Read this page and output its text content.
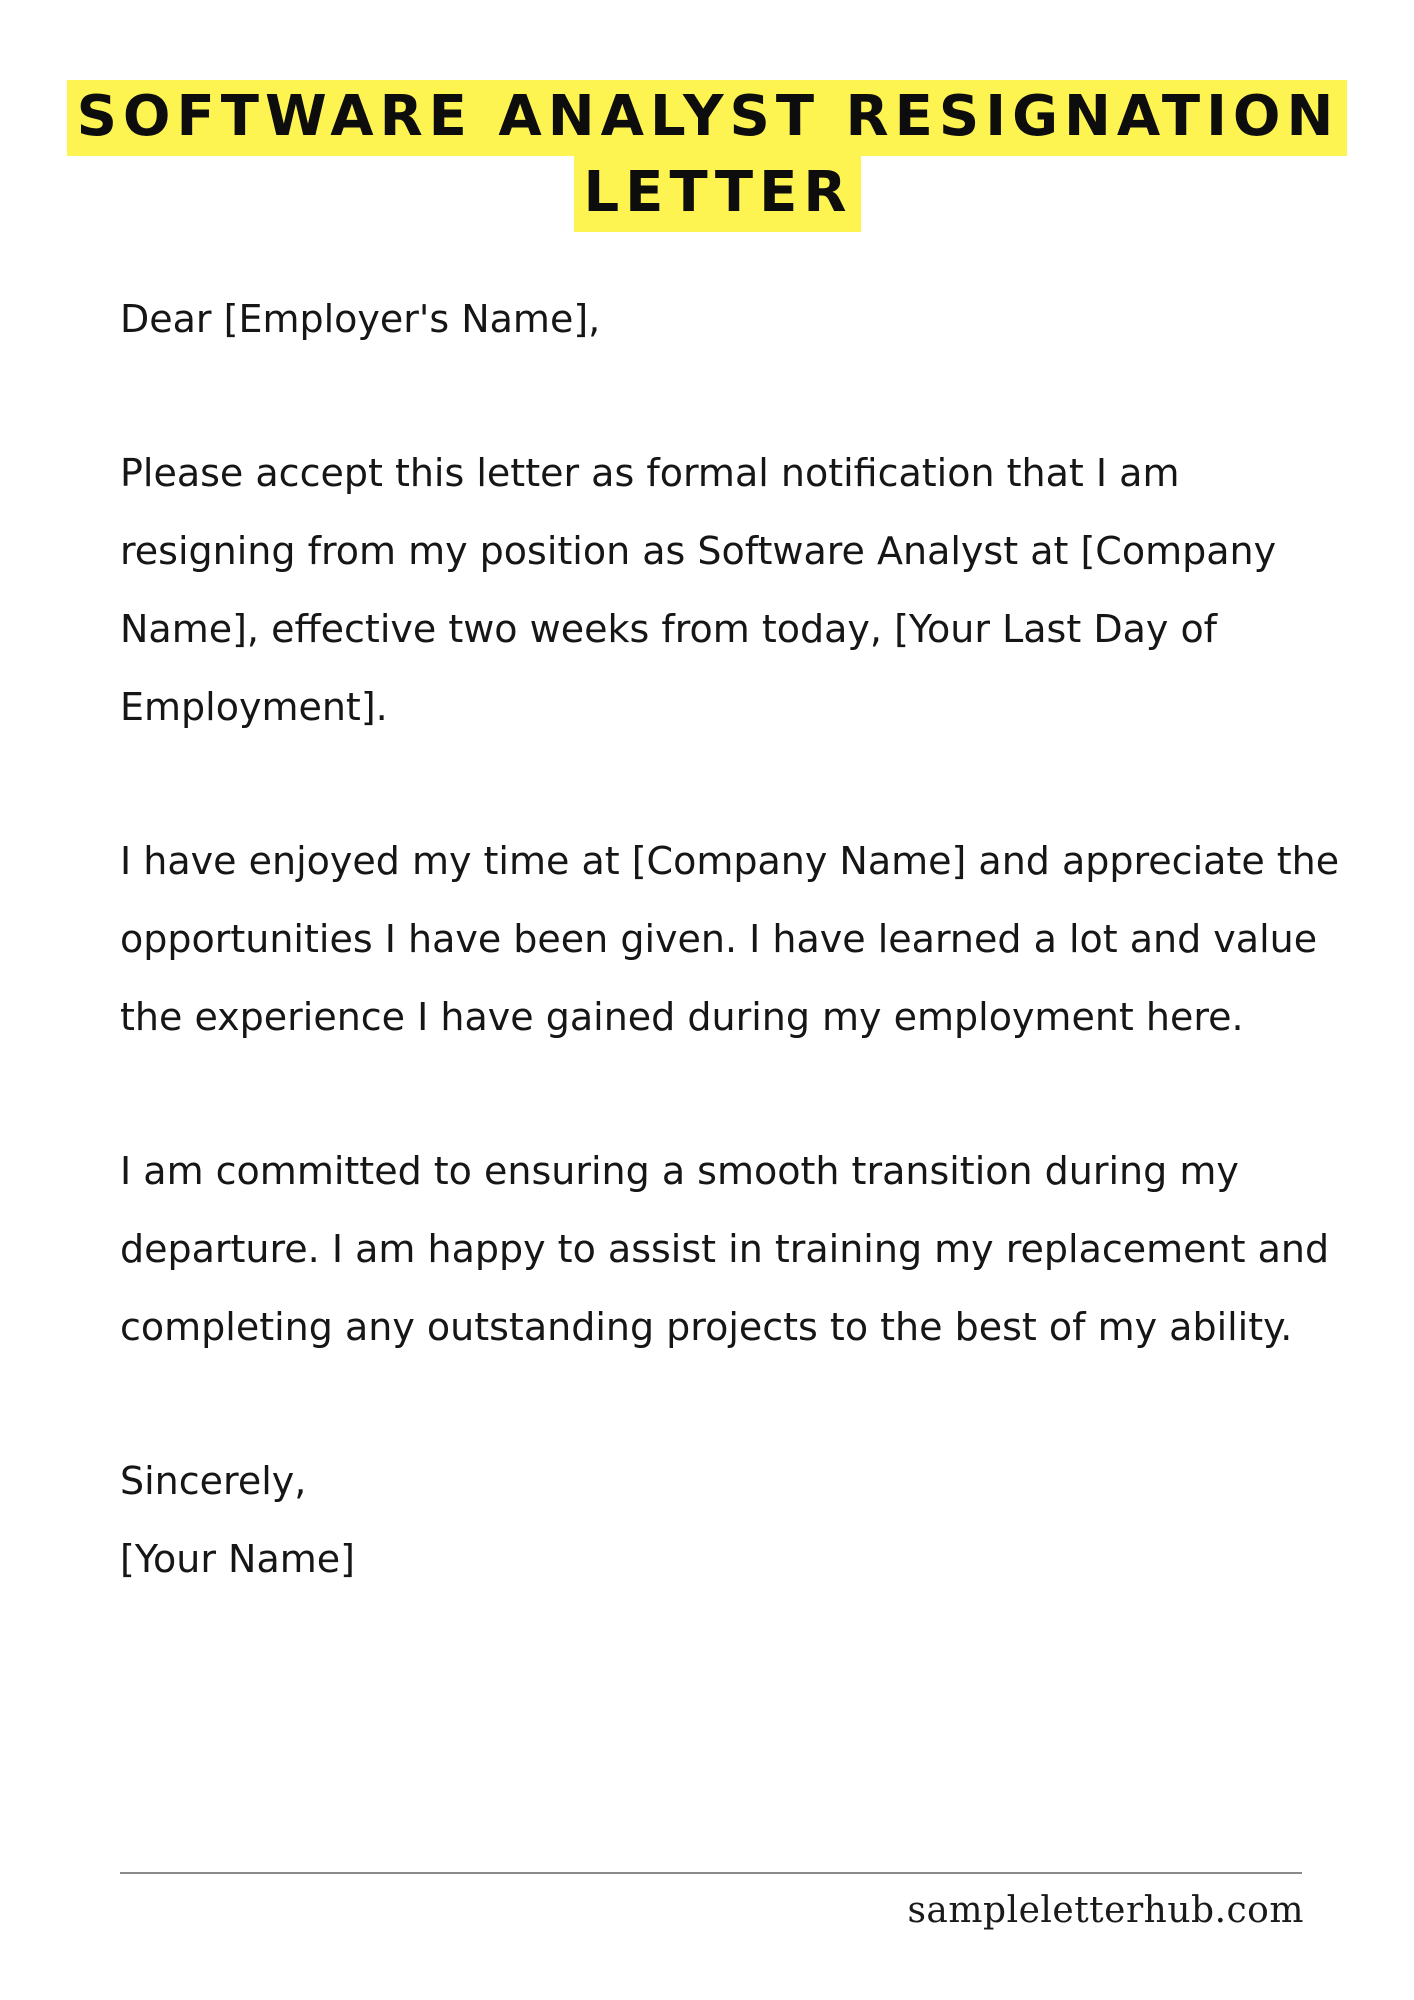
SOFTWARE ANALYST RESIGNATION
LETTER

Dear [Employer's Name],

Please accept this letter as formal notification that I am resigning from my position as Software Analyst at [Company Name], effective two weeks from today, [Your Last Day of Employment].

I have enjoyed my time at [Company Name] and appreciate the opportunities I have been given. I have learned a lot and value the experience I have gained during my employment here.

I am committed to ensuring a smooth transition during my departure. I am happy to assist in training my replacement and completing any outstanding projects to the best of my ability.

Sincerely,

[Your Name]

sampleletterhub.com
